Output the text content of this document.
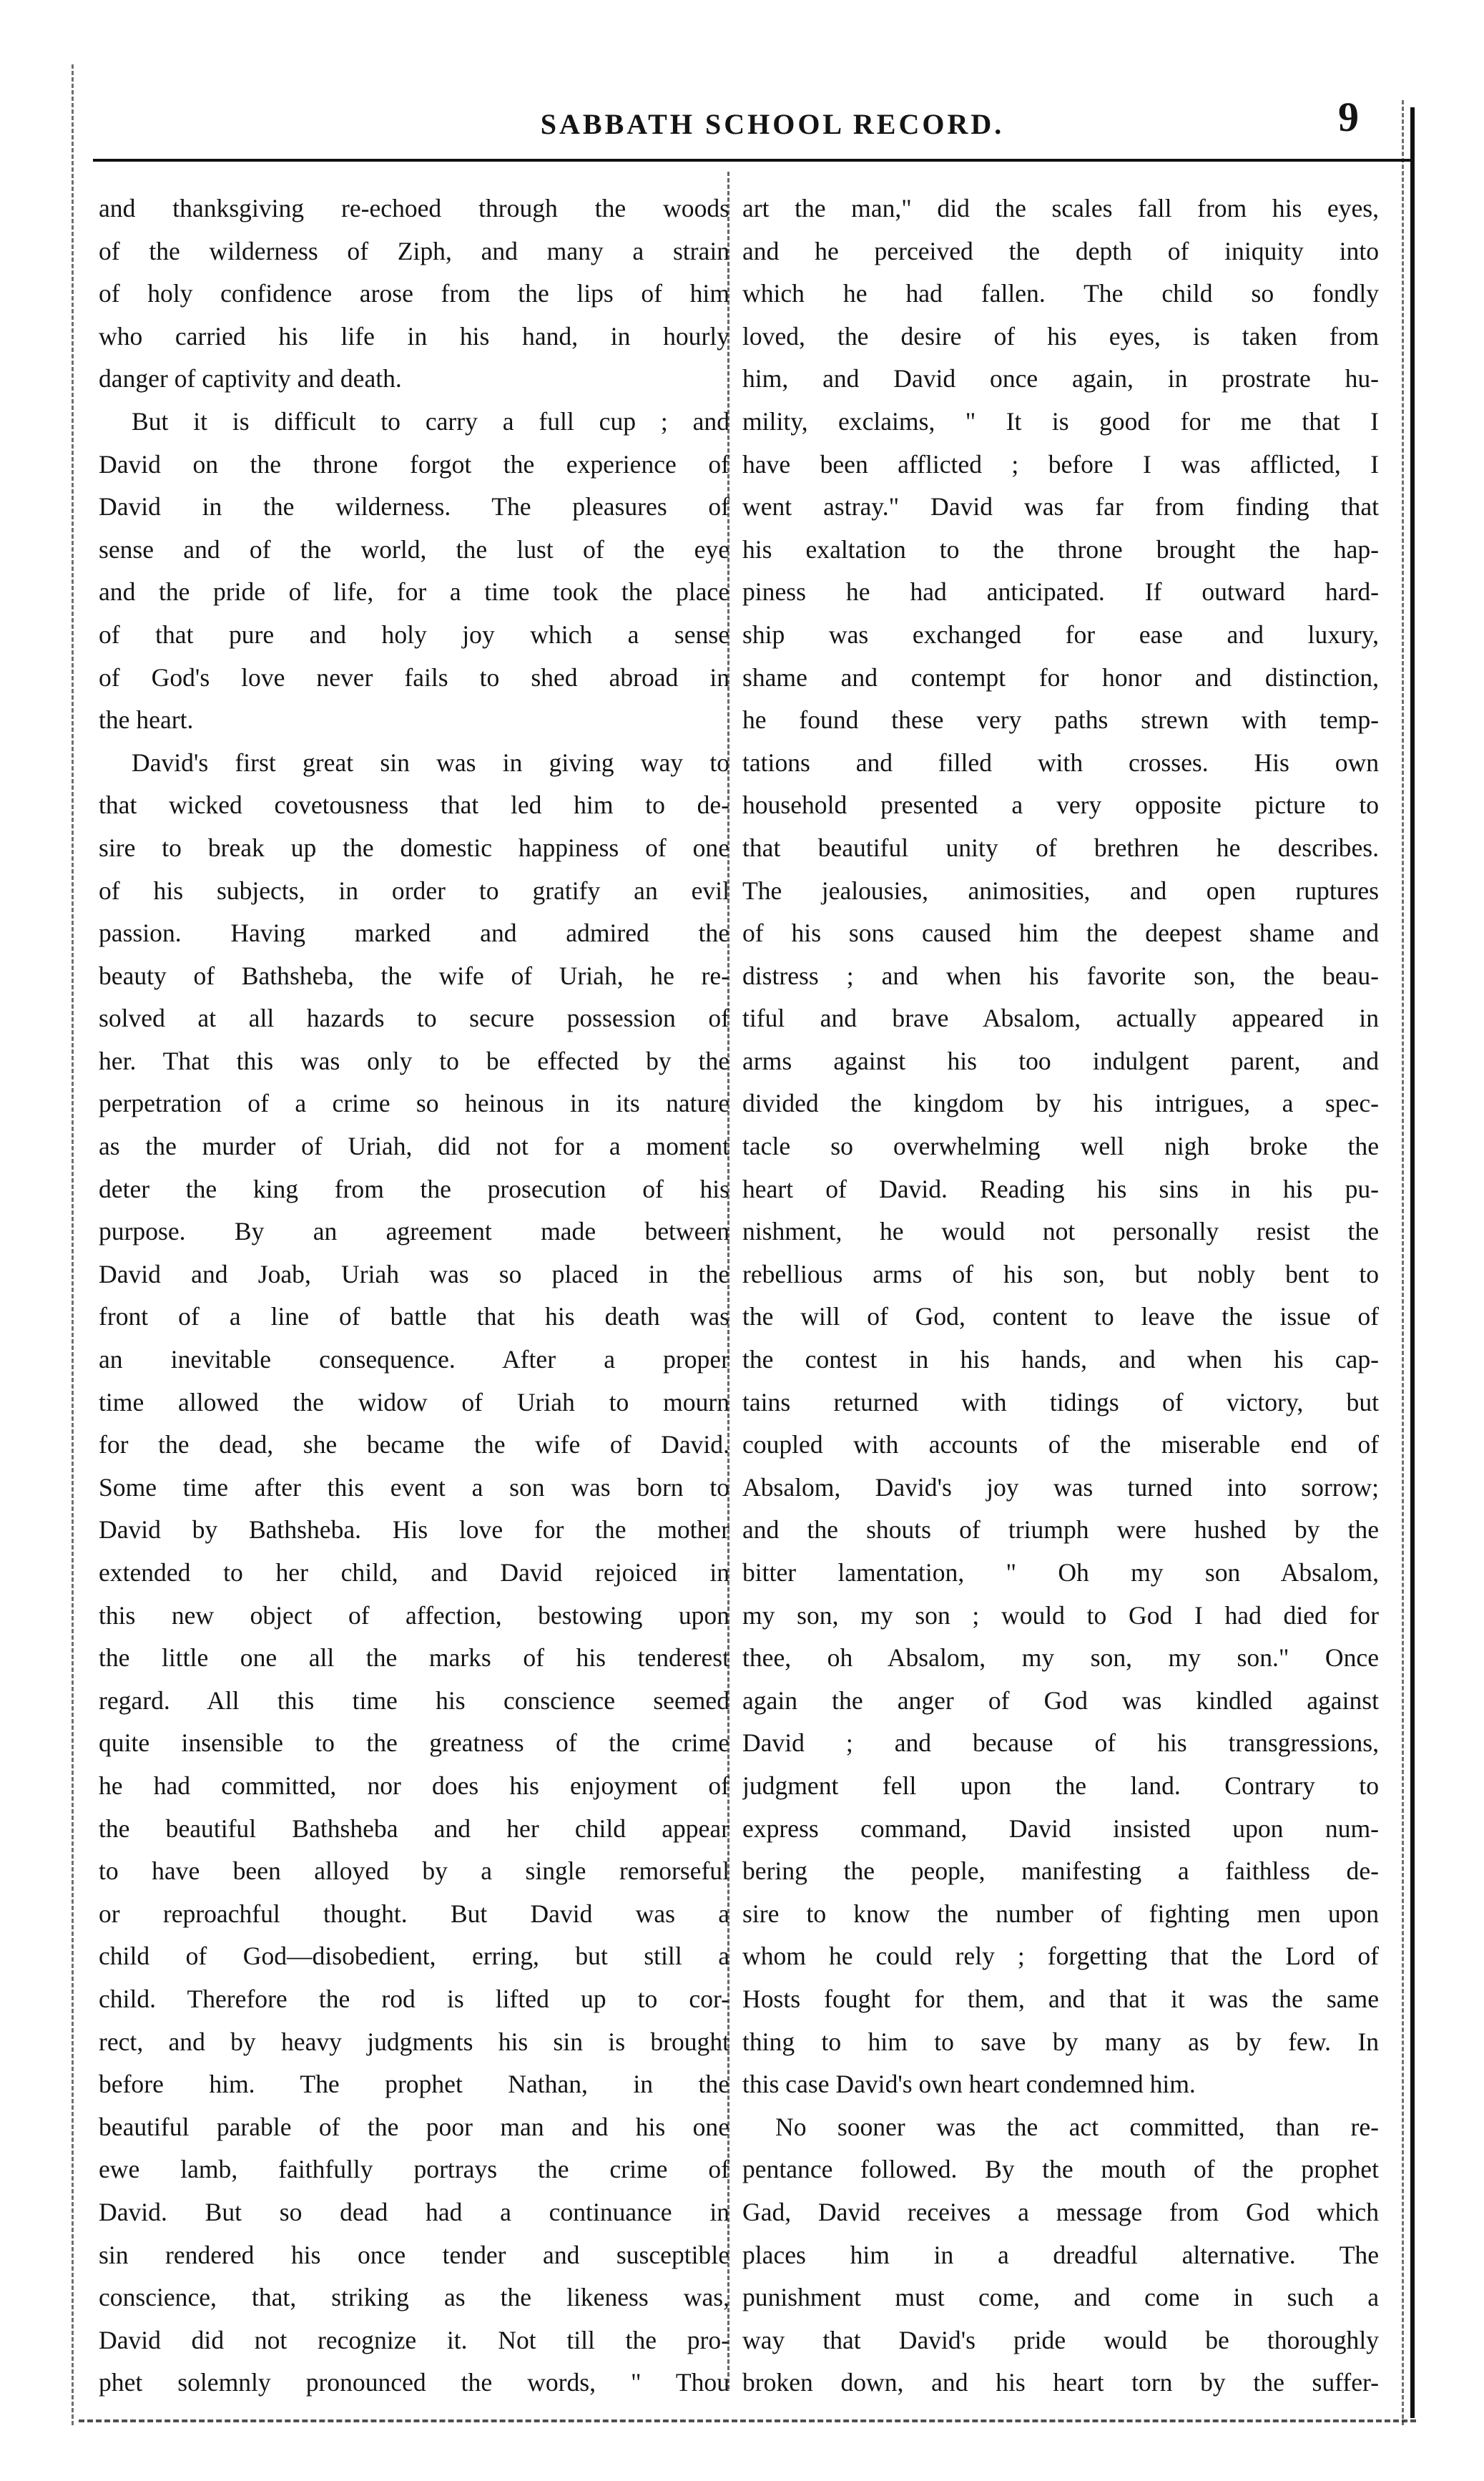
SABBATH SCHOOL RECORD.	9
and thanksgiving re-echoed through the woods
of the wilderness of Ziph, and many a strain
of holy confidence arose from the lips of him
who carried his life in his hand, in hourly
danger of captivity and death.
But it is difficult to carry a full cup ; and
David on the throne forgot the experience of
David in the wilderness. The pleasures of
sense and of the world, the lust of the eye
and the pride of life, for a time took the place
of that pure and holy joy which a sense
of God's love never fails to shed abroad in
the heart.
David's first great sin was in giving way to
that wicked covetousness that led him to de-
sire to break up the domestic happiness of one
of his subjects, in order to gratify an evil
passion. Having marked and admired the
beauty of Bathsheba, the wife of Uriah, he re-
solved at all hazards to secure possession of
her. That this was only to be effected by the
perpetration of a crime so heinous in its nature
as the murder of Uriah, did not for a moment
deter the king from the prosecution of his
purpose. By an agreement made between
David and Joab, Uriah was so placed in the
front of a line of battle that his death was
an inevitable consequence. After a proper
time allowed the widow of Uriah to mourn
for the dead, she became the wife of David.
Some time after this event a son was born to
David by Bathsheba. His love for the mother
extended to her child, and David rejoiced in
this new object of affection, bestowing upon
the little one all the marks of his tenderest
regard. All this time his conscience seemed
quite insensible to the greatness of the crime
he had committed, nor does his enjoyment of
the beautiful Bathsheba and her child appear
to have been alloyed by a single remorseful
or reproachful thought. But David was a
child of God—disobedient, erring, but still a
child. Therefore the rod is lifted up to cor-
rect, and by heavy judgments his sin is brought
before him. The prophet Nathan, in the
beautiful parable of the poor man and his one
ewe lamb, faithfully portrays the crime of
David. But so dead had a continuance in
sin rendered his once tender and susceptible
conscience, that, striking as the likeness was,
David did not recognize it. Not till the pro-
phet solemnly pronounced the words, " Thou
art the man," did the scales fall from his eyes,
and he perceived the depth of iniquity into
which he had fallen. The child so fondly
loved, the desire of his eyes, is taken from
him, and David once again, in prostrate hu-
mility, exclaims, " It is good for me that I
have been afflicted ; before I was afflicted, I
went astray." David was far from finding that
his exaltation to the throne brought the hap-
piness he had anticipated. If outward hard-
ship was exchanged for ease and luxury,
shame and contempt for honor and distinction,
he found these very paths strewn with temp-
tations and filled with crosses. His own
household presented a very opposite picture to
that beautiful unity of brethren he describes.
The jealousies, animosities, and open ruptures
of his sons caused him the deepest shame and
distress ; and when his favorite son, the beau-
tiful and brave Absalom, actually appeared in
arms against his too indulgent parent, and
divided the kingdom by his intrigues, a spec-
tacle so overwhelming well nigh broke the
heart of David. Reading his sins in his pu-
nishment, he would not personally resist the
rebellious arms of his son, but nobly bent to
the will of God, content to leave the issue of
the contest in his hands, and when his cap-
tains returned with tidings of victory, but
coupled with accounts of the miserable end of
Absalom, David's joy was turned into sorrow;
and the shouts of triumph were hushed by the
bitter lamentation, " Oh my son Absalom,
my son, my son ; would to God I had died for
thee, oh Absalom, my son, my son." Once
again the anger of God was kindled against
David ; and because of his transgressions,
judgment fell upon the land. Contrary to
express command, David insisted upon num-
bering the people, manifesting a faithless de-
sire to know the number of fighting men upon
whom he could rely ; forgetting that the Lord of
Hosts fought for them, and that it was the same
thing to him to save by many as by few. In
this case David's own heart condemned him.
No sooner was the act committed, than re-
pentance followed. By the mouth of the prophet
Gad, David receives a message from God which
places him in a dreadful alternative. The
punishment must come, and come in such a
way that David's pride would be thoroughly
broken down, and his heart torn by the suffer-
